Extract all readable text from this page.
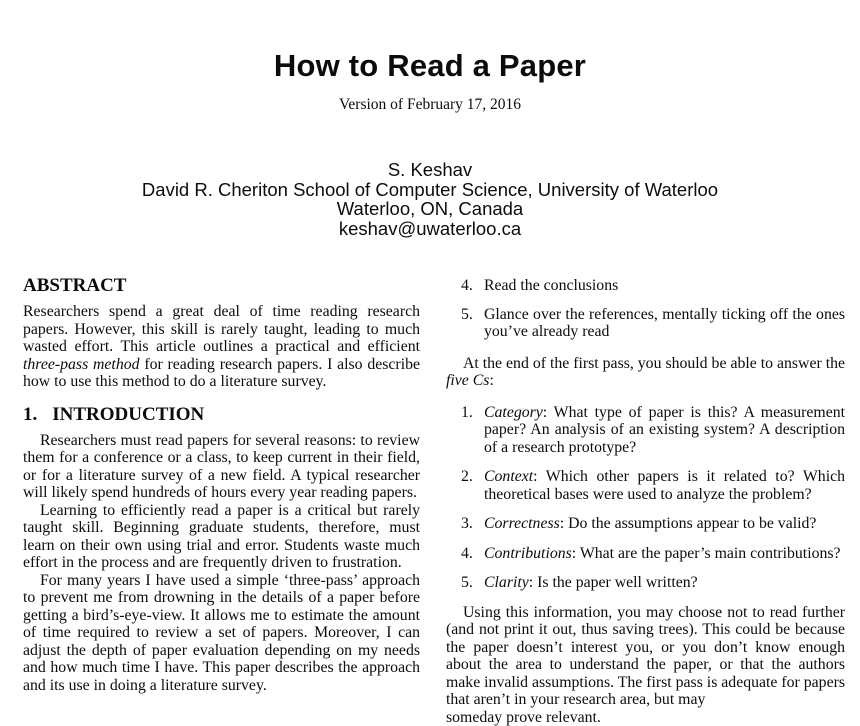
How to Read a Paper
Version of February 17, 2016
S. Keshav
David R. Cheriton School of Computer Science, University of Waterloo
Waterloo, ON, Canada
keshav@uwaterloo.ca
ABSTRACT

Researchers spend a great deal of time reading research papers. However, this skill is rarely taught, leading to much wasted effort. This article outlines a practical and efficient three-pass method for reading research papers. I also describe how to use this method to do a literature survey.

1. INTRODUCTION

Researchers must read papers for several reasons: to review them for a conference or a class, to keep current in their field, or for a literature survey of a new field. A typical researcher will likely spend hundreds of hours every year reading papers.

Learning to efficiently read a paper is a critical but rarely taught skill. Beginning graduate students, therefore, must learn on their own using trial and error. Students waste much effort in the process and are frequently driven to frustration.

For many years I have used a simple ‘three-pass’ approach to prevent me from drowning in the details of a paper before getting a bird’s-eye-view. It allows me to estimate the amount of time required to review a set of papers. Moreover, I can adjust the depth of paper evaluation depending on my needs and how much time I have. This paper describes the approach and its use in doing a literature survey.

4. Read the conclusions
5. Glance over the references, mentally ticking off the ones you’ve already read

At the end of the first pass, you should be able to answer the five Cs:

1. Category: What type of paper is this? A measurement paper? An analysis of an existing system? A description of a research prototype?
2. Context: Which other papers is it related to? Which theoretical bases were used to analyze the problem?
3. Correctness: Do the assumptions appear to be valid?
4. Contributions: What are the paper’s main contributions?
5. Clarity: Is the paper well written?

Using this information, you may choose not to read further (and not print it out, thus saving trees). This could be because the paper doesn’t interest you, or you don’t know enough about the area to understand the paper, or that the authors make invalid assumptions. The first pass is adequate for papers that aren’t in your research area, but may

someday prove relevant.
